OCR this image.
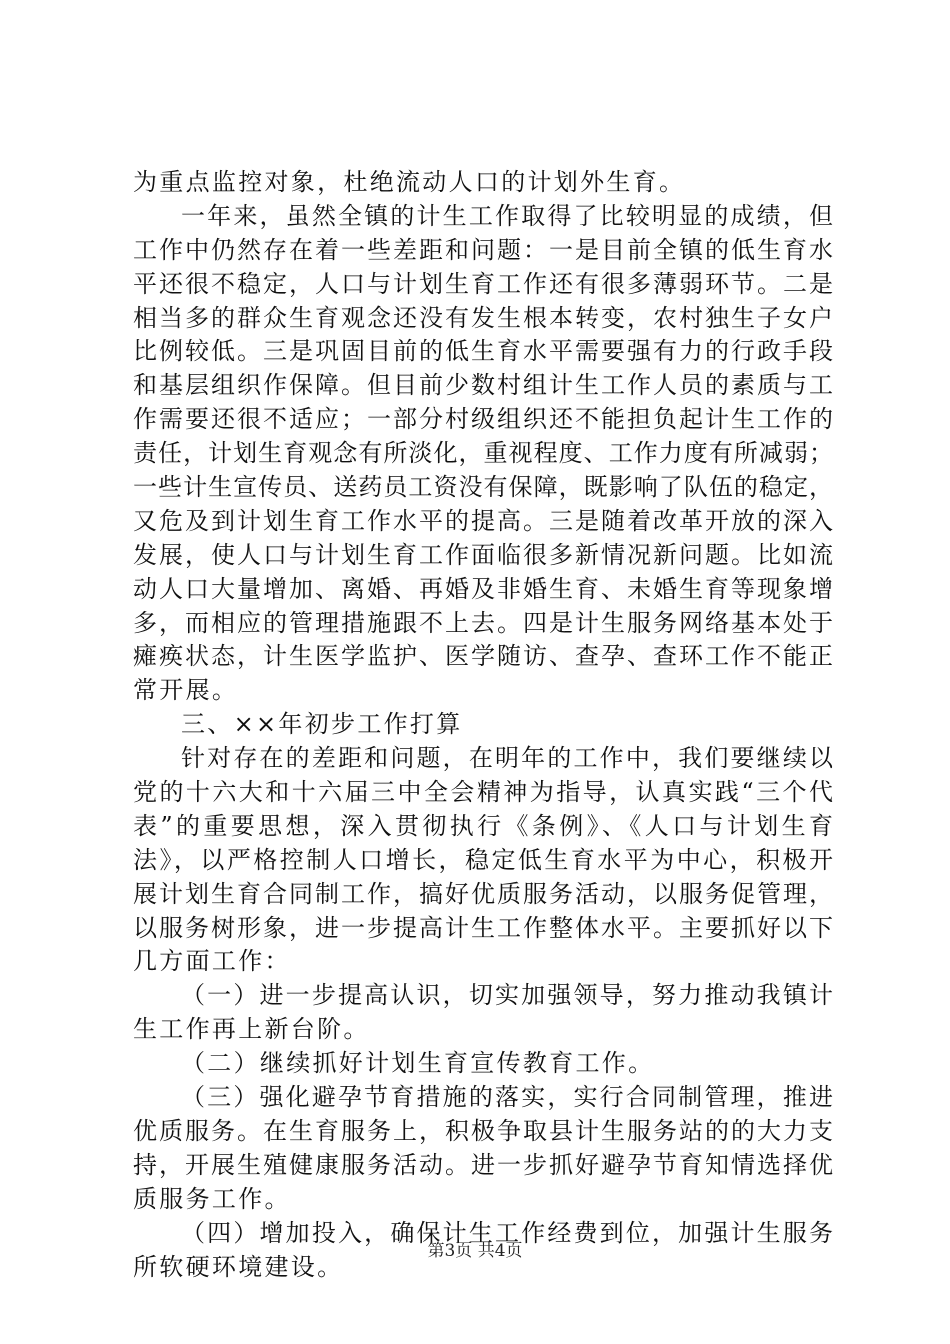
为重点监控对象，杜绝流动人口的计划外生育。
一年来，虽然全镇的计生工作取得了比较明显的成绩，但
工作中仍然存在着一些差距和问题：一是目前全镇的低生育水
平还很不稳定，人口与计划生育工作还有很多薄弱环节。二是
相当多的群众生育观念还没有发生根本转变，农村独生子女户
比例较低。三是巩固目前的低生育水平需要强有力的行政手段
和基层组织作保障。但目前少数村组计生工作人员的素质与工
作需要还很不适应；一部分村级组织还不能担负起计生工作的
责任，计划生育观念有所淡化，重视程度、工作力度有所减弱；
一些计生宣传员、送药员工资没有保障，既影响了队伍的稳定，
又危及到计划生育工作水平的提高。三是随着改革开放的深入
发展，使人口与计划生育工作面临很多新情况新问题。比如流
动人口大量增加、离婚、再婚及非婚生育、未婚生育等现象增
多，而相应的管理措施跟不上去。四是计生服务网络基本处于
瘫痪状态，计生医学监护、医学随访、查孕、查环工作不能正
常开展。
三、××年初步工作打算
针对存在的差距和问题，在明年的工作中，我们要继续以
党的十六大和十六届三中全会精神为指导，认真实践“三个代
表”的重要思想，深入贯彻执行《条例》、《人口与计划生育
法》，以严格控制人口增长，稳定低生育水平为中心，积极开
展计划生育合同制工作，搞好优质服务活动，以服务促管理，
以服务树形象，进一步提高计生工作整体水平。主要抓好以下
几方面工作：
（一）进一步提高认识，切实加强领导，努力推动我镇计
生工作再上新台阶。
（二）继续抓好计划生育宣传教育工作。
（三）强化避孕节育措施的落实，实行合同制管理，推进
优质服务。在生育服务上，积极争取县计生服务站的的大力支
持，开展生殖健康服务活动。进一步抓好避孕节育知情选择优
质服务工作。
（四）增加投入，确保计生工作经费到位，加强计生服务
所软硬环境建设。
第3页 共4页
